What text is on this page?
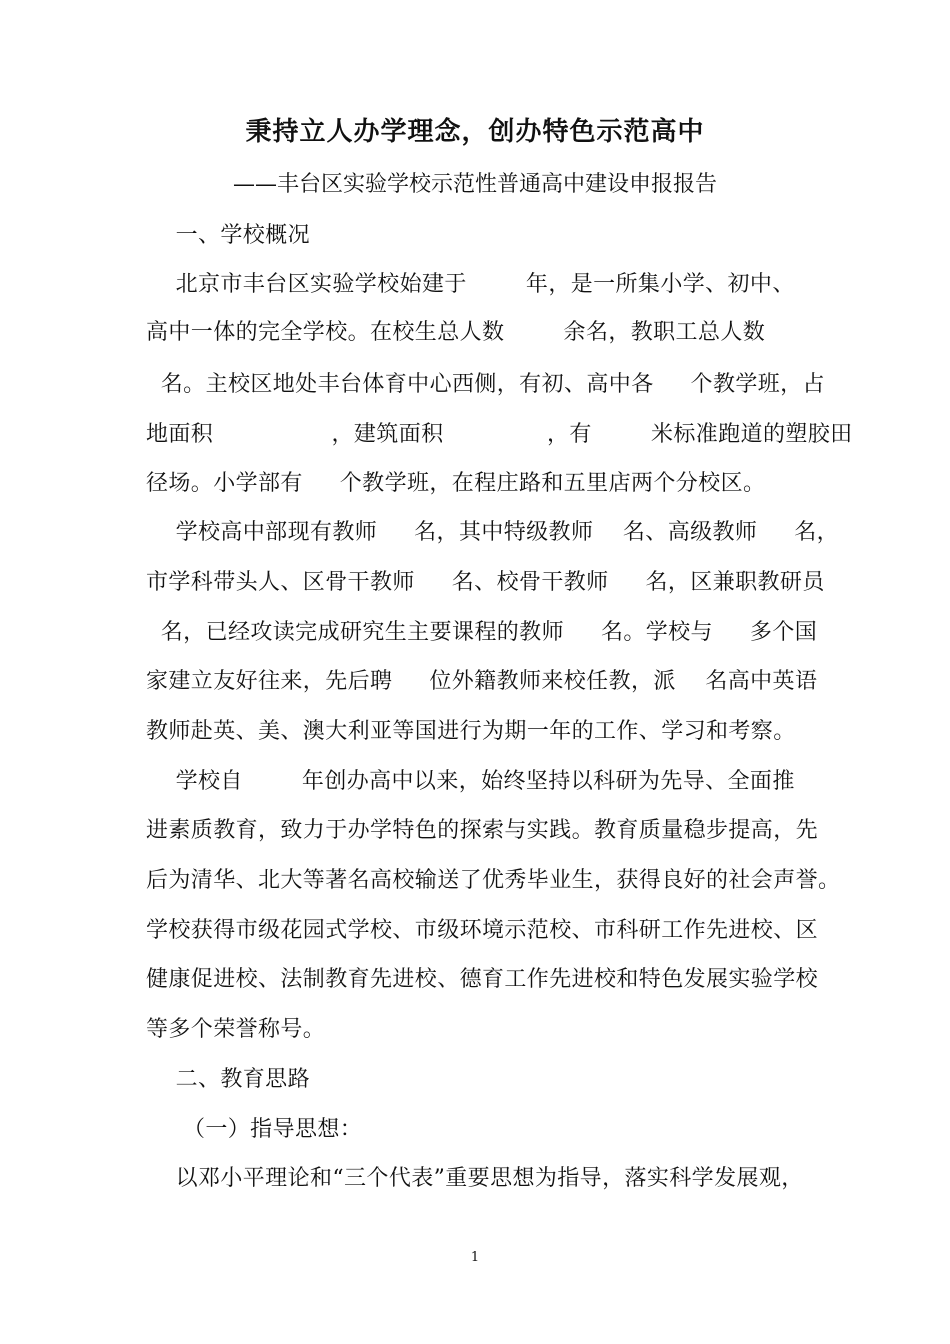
秉持立人办学理念，创办特色示范高中
——丰台区实验学校示范性普通高中建设申报报告
一、学校概况
北京市丰台区实验学校始建于        年，是一所集小学、初中、
高中一体的完全学校。在校生总人数        余名，教职工总人数
名。主校区地处丰台体育中心西侧，有初、高中各     个教学班，占
地面积                ，建筑面积              ，有        米标准跑道的塑胶田
径场。小学部有     个教学班，在程庄路和五里店两个分校区。
学校高中部现有教师     名，其中特级教师    名、高级教师     名，
市学科带头人、区骨干教师     名、校骨干教师     名，区兼职教研员
名，已经攻读完成研究生主要课程的教师     名。学校与     多个国
家建立友好往来，先后聘     位外籍教师来校任教，派    名高中英语
教师赴英、美、澳大利亚等国进行为期一年的工作、学习和考察。
学校自        年创办高中以来，始终坚持以科研为先导、全面推
进素质教育，致力于办学特色的探索与实践。教育质量稳步提高，先
后为清华、北大等著名高校输送了优秀毕业生，获得良好的社会声誉。
学校获得市级花园式学校、市级环境示范校、市科研工作先进校、区
健康促进校、法制教育先进校、德育工作先进校和特色发展实验学校
等多个荣誉称号。
二、教育思路
（一）指导思想：
以邓小平理论和“三个代表”重要思想为指导，落实科学发展观，
1
